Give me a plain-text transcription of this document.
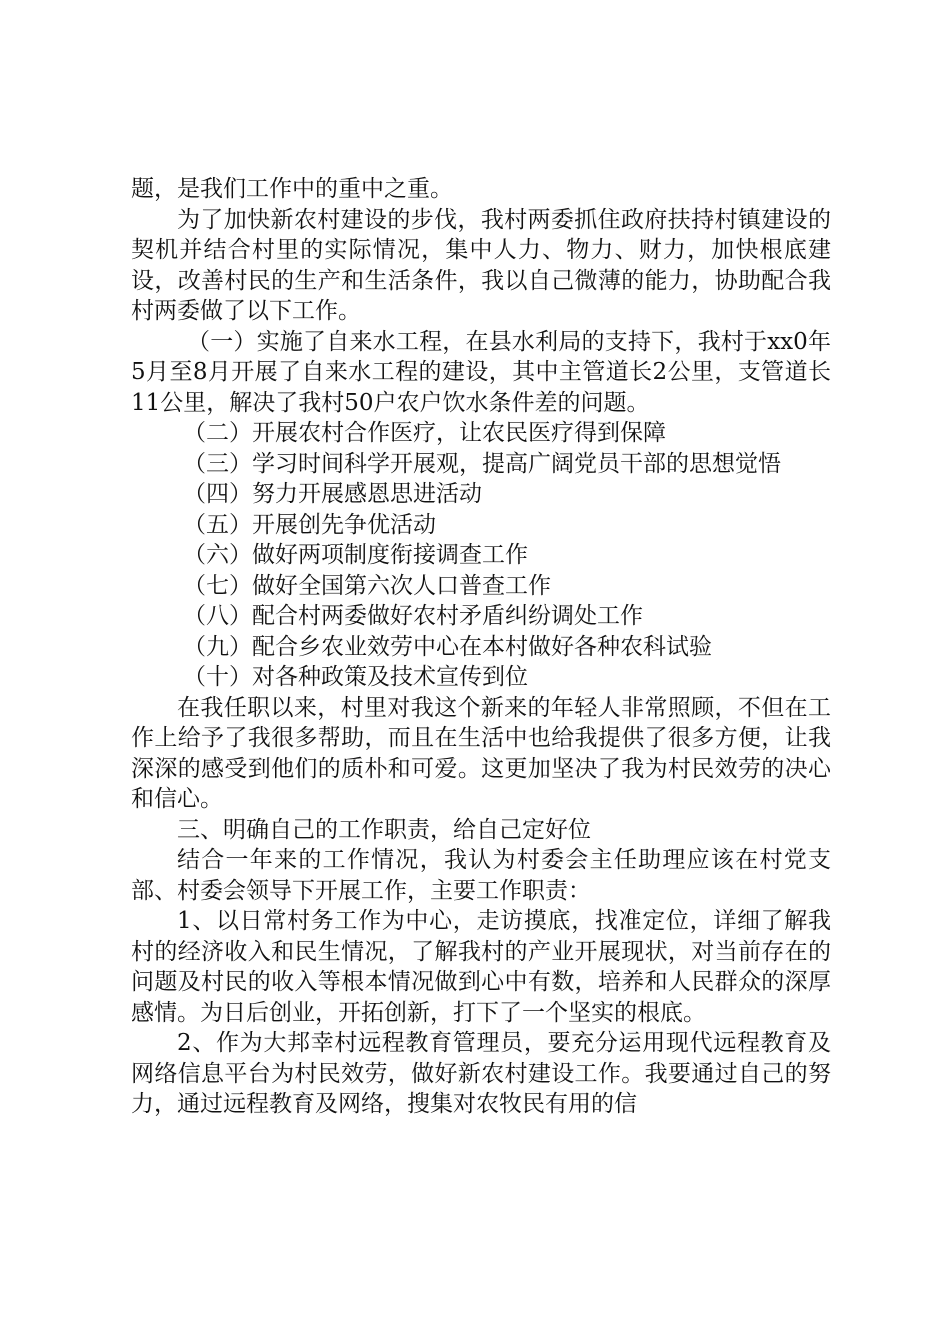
题，是我们工作中的重中之重。

为了加快新农村建设的步伐，我村两委抓住政府扶持村镇建设的契机并结合村里的实际情况，集中人力、物力、财力，加快根底建设，改善村民的生产和生活条件，我以自己微薄的能力，协助配合我村两委做了以下工作。

（一）实施了自来水工程，在县水利局的支持下，我村于xx0年5月至8月开展了自来水工程的建设，其中主管道长2公里，支管道长11公里，解决了我村50户农户饮水条件差的问题。

（二）开展农村合作医疗，让农民医疗得到保障

（三）学习时间科学开展观，提高广阔党员干部的思想觉悟

（四）努力开展感恩思进活动

（五）开展创先争优活动

（六）做好两项制度衔接调查工作

（七）做好全国第六次人口普查工作

（八）配合村两委做好农村矛盾纠纷调处工作

（九）配合乡农业效劳中心在本村做好各种农科试验

（十）对各种政策及技术宣传到位

在我任职以来，村里对我这个新来的年轻人非常照顾，不但在工作上给予了我很多帮助，而且在生活中也给我提供了很多方便，让我深深的感受到他们的质朴和可爱。这更加坚决了我为村民效劳的决心和信心。

三、明确自己的工作职责，给自己定好位

结合一年来的工作情况，我认为村委会主任助理应该在村党支部、村委会领导下开展工作，主要工作职责：

1、以日常村务工作为中心，走访摸底，找准定位，详细了解我村的经济收入和民生情况，了解我村的产业开展现状，对当前存在的问题及村民的收入等根本情况做到心中有数，培养和人民群众的深厚感情。为日后创业，开拓创新，打下了一个坚实的根底。

2、作为大邦幸村远程教育管理员，要充分运用现代远程教育及网络信息平台为村民效劳，做好新农村建设工作。我要通过自己的努力，通过远程教育及网络，搜集对农牧民有用的信
